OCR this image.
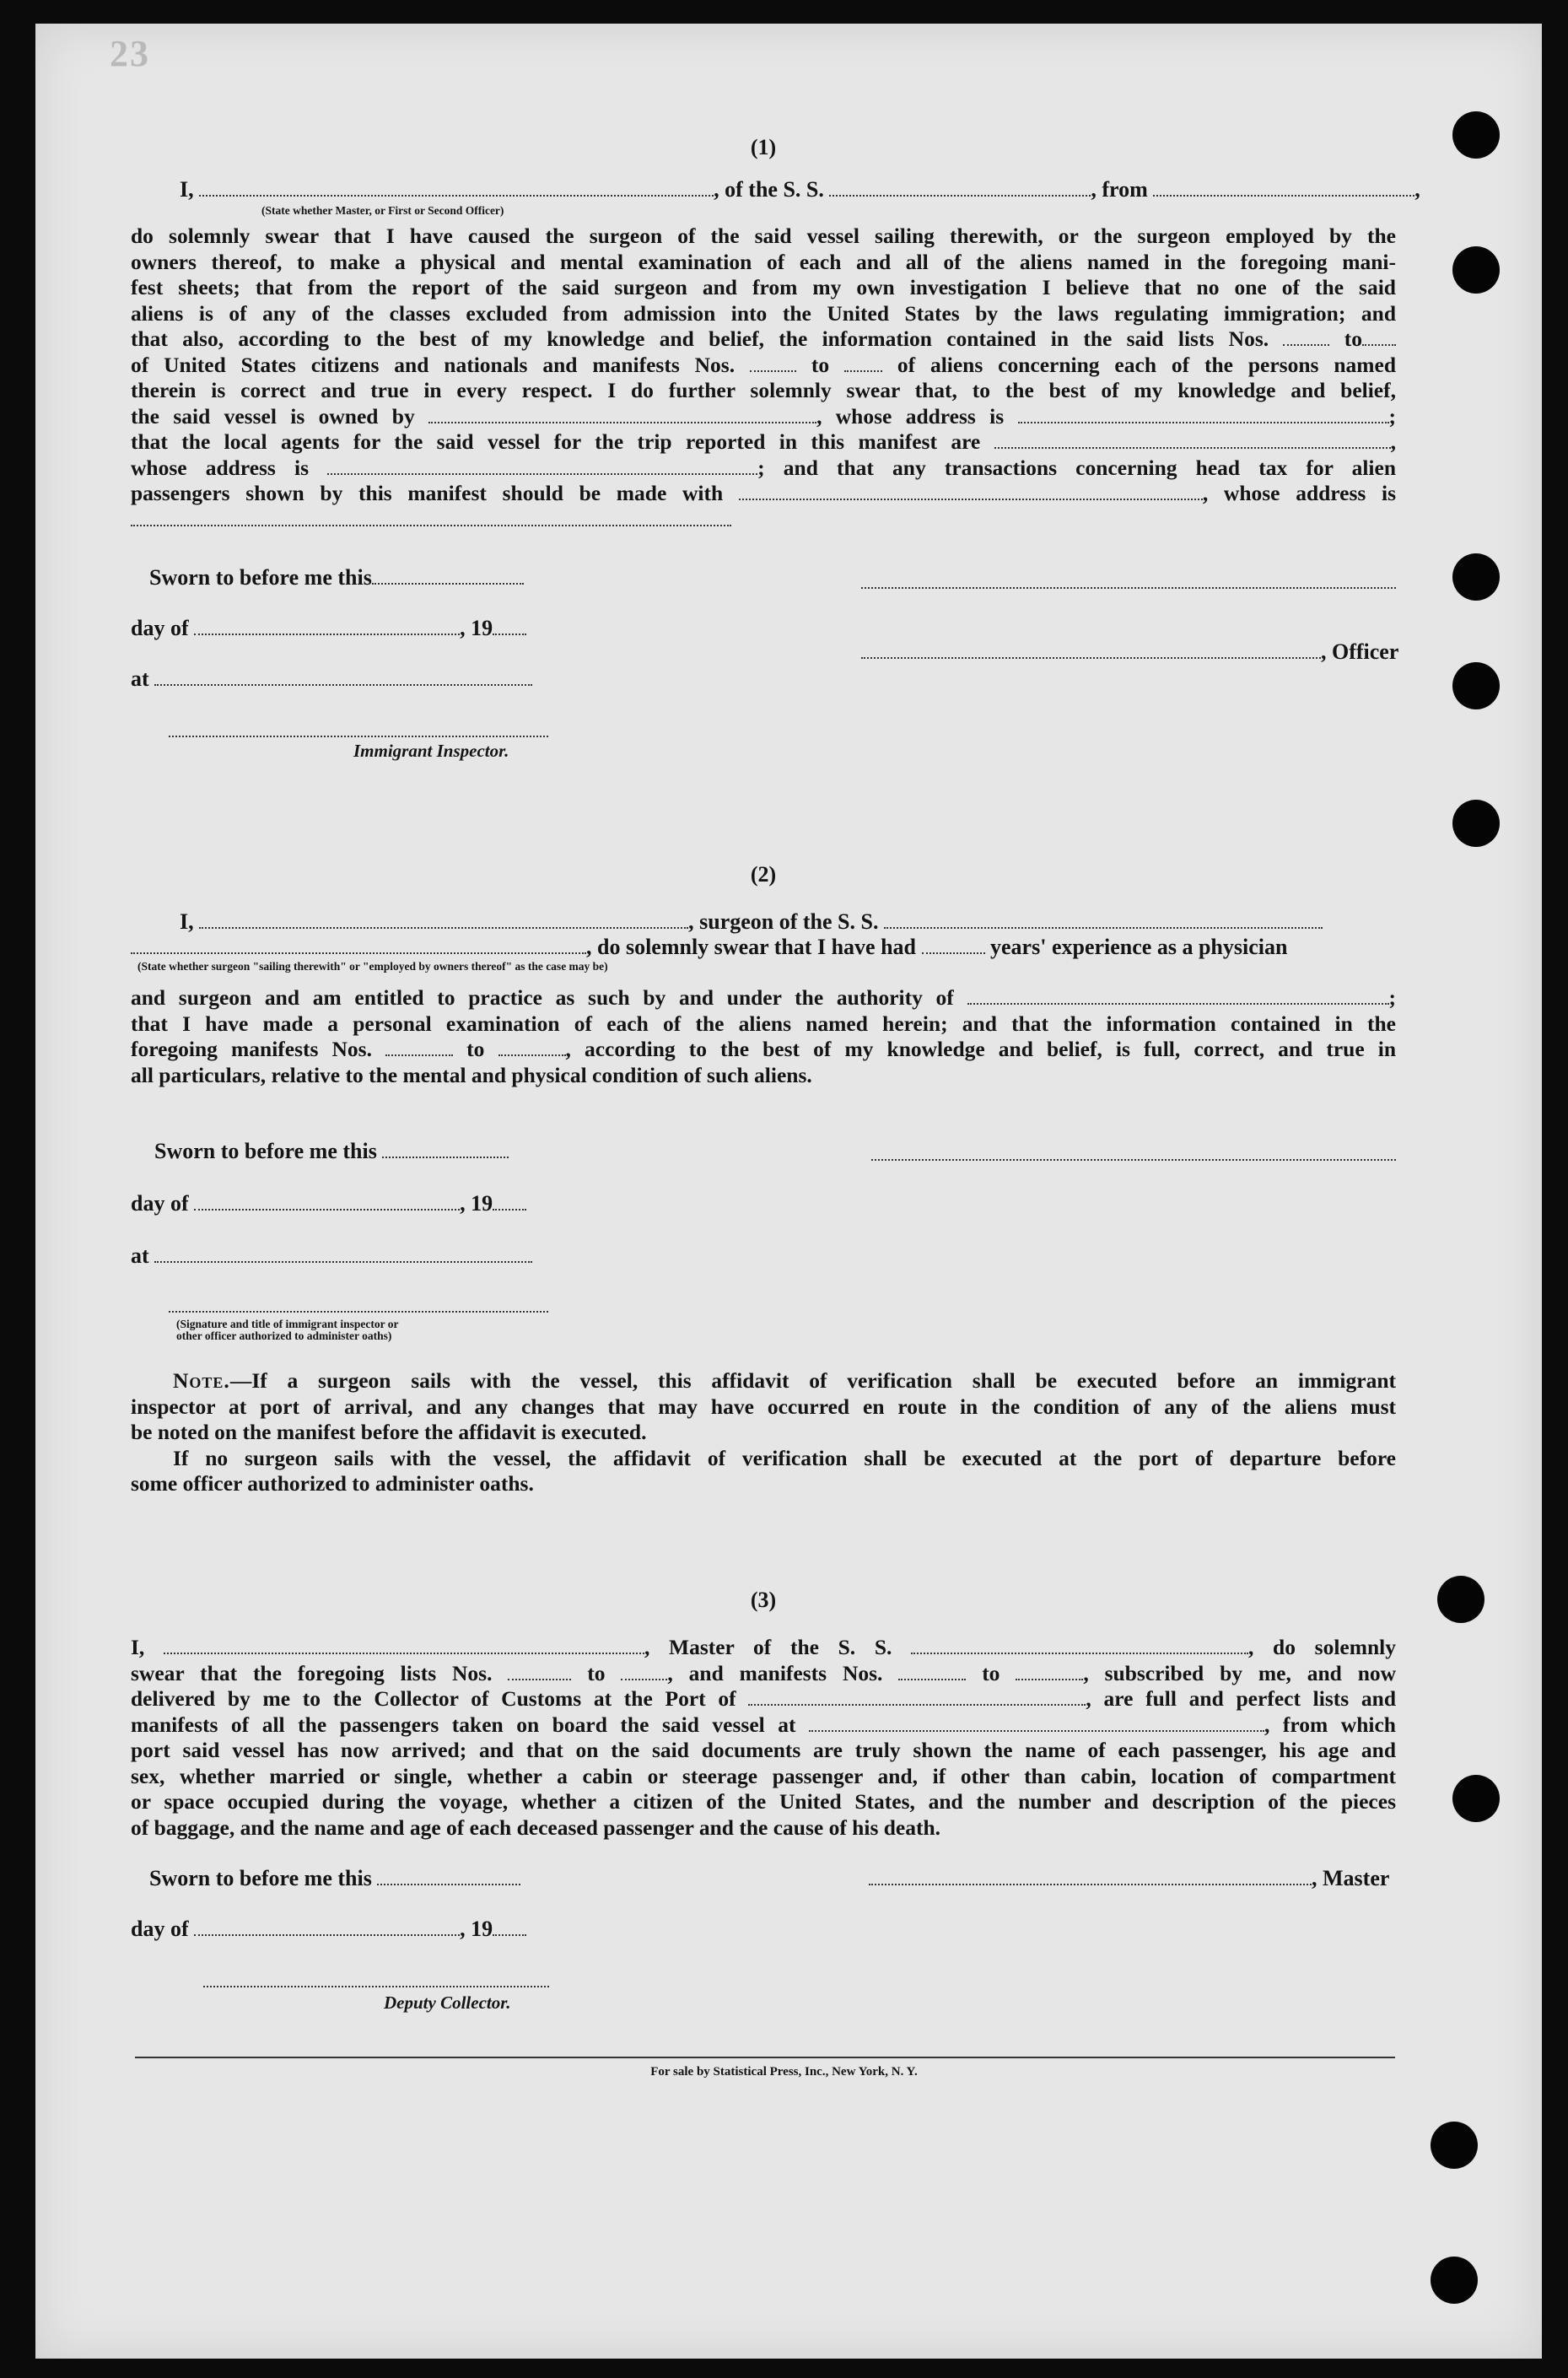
23
(1)
I,	, of the S. S.	, from	,
(State whether Master, or First or Second Officer)
do solemnly swear that I have caused the surgeon of the said vessel sailing therewith, or the surgeon employed by the
owners thereof, to make a physical and mental examination of each and all of the aliens named in the foregoing mani-
fest sheets; that from the report of the said surgeon and from my own investigation I believe that no one of the said
aliens is of any of the classes excluded from admission into the United States by the laws regulating immigration; and
that also, according to the best of my knowledge and belief, the information contained in the said lists Nos.	to
of United States citizens and nationals and manifests Nos.	to	of aliens concerning each of the persons named
therein is correct and true in every respect. I do further solemnly swear that, to the best of my knowledge and belief,
the said vessel is owned by	, whose address is	;
that the local agents for the said vessel for the trip reported in this manifest are	,
whose address is	; and that any transactions concerning head tax for alien
passengers shown by this manifest should be made with	, whose address is
Sworn to before me this
day of	, 19
, Officer
at
Immigrant Inspector.
(2)
I,	, surgeon of the S. S.
, do solemnly swear that I have had	years' experience as a physician
(State whether surgeon "sailing therewith" or "employed by owners thereof" as the case may be)
and surgeon and am entitled to practice as such by and under the authority of	;
that I have made a personal examination of each of the aliens named herein; and that the information contained in the
foregoing manifests Nos.	to	, according to the best of my knowledge and belief, is full, correct, and true in
all particulars, relative to the mental and physical condition of such aliens.
Sworn to before me this
day of	, 19
at
(Signature and title of immigrant inspector or
other officer authorized to administer oaths)
Note.—If a surgeon sails with the vessel, this affidavit of verification shall be executed before an immigrant
inspector at port of arrival, and any changes that may have occurred en route in the condition of any of the aliens must
be noted on the manifest before the affidavit is executed.
If no surgeon sails with the vessel, the affidavit of verification shall be executed at the port of departure before
some officer authorized to administer oaths.
(3)
I,	, Master of the S. S.	, do solemnly
swear that the foregoing lists Nos.	to	, and manifests Nos.	to	, subscribed by me, and now
delivered by me to the Collector of Customs at the Port of	, are full and perfect lists and
manifests of all the passengers taken on board the said vessel at	, from which
port said vessel has now arrived; and that on the said documents are truly shown the name of each passenger, his age and
sex, whether married or single, whether a cabin or steerage passenger and, if other than cabin, location of compartment
or space occupied during the voyage, whether a citizen of the United States, and the number and description of the pieces
of baggage, and the name and age of each deceased passenger and the cause of his death.
Sworn to before me this	, Master
day of	, 19
Deputy Collector.
For sale by Statistical Press, Inc., New York, N. Y.
